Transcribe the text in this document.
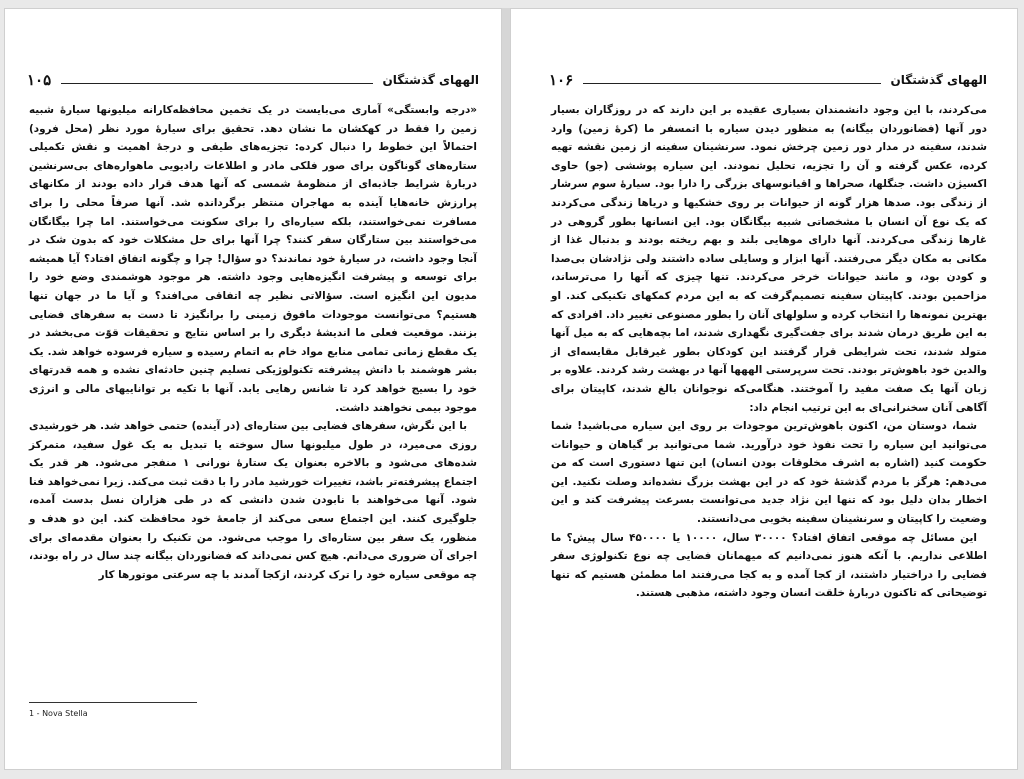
۱۰۵	الههای گذشتگان

«درجه وابستگی» آماری می‌بایست در یک تخمین محافظه‌کارانه میلیونها سیارهٔ شبیه زمین را فقط در کهکشان ما نشان دهد. تحقیق برای سیارهٔ مورد نظر (محل فرود) احتمالاً این خطوط را دنبال کرده: تجزیه‌های طیفی و درجهٔ اهمیت و نقش تکمیلی ستاره‌های گوناگون برای صور فلکی مادر و اطلاعات رادیویی ماهواره‌های بی‌سرنشین دربارهٔ شرایط جاذبه‌ای از منظومهٔ شمسی که آنها هدف قرار داده بودند از مکانهای پرارزش خانه‌هایا آینده به مهاجران منتظر برگردانده شد. آنها صرفاً محلی را برای مسافرت نمی‌خواستند، بلکه سیاره‌ای را برای سکونت می‌خواستند. اما چرا بیگانگان می‌خواستند بین ستارگان سفر کنند؟ چرا آنها برای حل مشکلات خود که بدون شک در آنجا وجود داشت، در سیارهٔ خود نماندند؟ دو سؤال! چرا و چگونه اتفاق افتاد؟ آیا همیشه برای توسعه و پیشرفت انگیزه‌هایی وجود داشته. هر موجود هوشمندی وضع خود را مدیون این انگیزه است. سؤالاتی نظیر چه اتفاقی می‌افتد؟ و آیا ما در جهان تنها هستیم؟ می‌توانست موجودات مافوق زمینی را برانگیزد تا دست به سفرهای فضایی بزنند. موقعیت فعلی ما اندیشهٔ دیگری را بر اساس نتایج و تحقیقات قوّت می‌بخشد در یک مقطع زمانی تمامی منابع مواد خام به اتمام رسیده و سیاره فرسوده خواهد شد. یک بشر هوشمند با دانش پیشرفته تکنولوژیکی تسلیم چنین حادثه‌ای نشده و همه قدرتهای خود را بسیج خواهد کرد تا شانس رهایی یابد. آنها با تکیه بر تواناییهای مالی و انرژی موجود بیمی نخواهند داشت.

با این نگرش، سفرهای فضایی بین ستاره‌ای (در آینده) حتمی خواهد شد. هر خورشیدی روزی می‌میرد، در طول میلیونها سال سوخته یا تبدیل به یک غول سفید، متمرکز شده‌های می‌شود و بالاخره بعنوان یک ستارهٔ نورانی ۱ منفجر می‌شود. هر قدر یک اجتماع پیشرفته‌تر باشد، تغییرات خورشید مادر را با دقت ثبت می‌کند. زیرا نمی‌خواهد فنا شود. آنها می‌خواهند با نابودن شدن دانشی که در طی هزاران نسل بدست آمده، جلوگیری کنند. این اجتماع سعی می‌کند از جامعهٔ خود محافظت کند. این دو هدف و منظور، یک سفر بین ستاره‌ای را موجب می‌شود. من تکنیک را بعنوان مقدمه‌ای برای اجرای آن ضروری می‌دانم. هیچ کس نمی‌داند که فضانوردان بیگانه چند سال در راه بودند، چه موقعی سیاره خود را ترک کردند، ازکجا آمدند با چه سرعتی موتورها کار

1 - Nova Stella
۱۰۶	الههای گذشتگان

می‌کردند، با این وجود دانشمندان بسیاری عقیده بر این دارند که در روزگاران بسیار دور آنها (فضانوردان بیگانه) به منظور دیدن سیاره با اتمسفر ما (کرهٔ زمین) وارد شدند، سفینه در مدار دور زمین چرخش نمود. سرنشینان سفینه از زمین نقشه تهیه کرده، عکس گرفته و آن را تجزیه، تحلیل نمودند. این سیاره پوششی (جو) حاوی اکسیژن داشت. جنگلها، صحراها و اقیانوسهای بزرگی را دارا بود. سیارهٔ سوم سرشار از زندگی بود. صدها هزار گونه از حیوانات بر روی خشکیها و دریاها زندگی می‌کردند که یک نوع آن انسان با مشخصاتی شبیه بیگانگان بود. این انسانها بطور گروهی در غارها زندگی می‌کردند. آنها دارای موهایی بلند و بهم ریخته بودند و بدنبال غذا از مکانی به مکان دیگر می‌رفتند. آنها ابزار و وسایلی ساده داشتند ولی نژادشان بی‌صدا و کودن بود، و مانند حیوانات خرخر می‌کردند. تنها چیزی که آنها را می‌ترساند، مزاحمین بودند. کاپیتان سفینه تصمیم‌گرفت که به این مردم کمکهای تکنیکی کند. او بهترین نمونه‌ها را انتخاب کرده و سلولهای آنان را بطور مصنوعی تغییر داد. افرادی که به این طریق درمان شدند برای جفت‌گیری نگهداری شدند، اما بچه‌هایی که به میل آنها متولد شدند، تحت شرایطی قرار گرفتند این کودکان بطور غیرقابل مقایسه‌ای از والدین خود باهوش‌تر بودند. تحت سرپرستی الههها آنها در بهشت رشد کردند. علاوه بر زبان آنها یک صفت مفید را آموختند. هنگامی‌که نوجوانان بالغ شدند، کاپیتان برای آگاهی آنان سخنرانی‌ای به این ترتیب انجام داد:

شما، دوستان من، اکنون باهوش‌ترین موجودات بر روی این سیاره می‌باشید! شما می‌توانید این سیاره را تحت نفوذ خود درآورید. شما می‌توانید بر گیاهان و حیوانات حکومت کنید (اشاره به اشرف مخلوقات بودن انسان) این تنها دستوری است که من می‌دهم: هرگز با مردم گذشتهٔ خود که در این بهشت بزرگ نشده‌اند وصلت نکنید. این اخطار بدان دلیل بود که تنها این نژاد جدید می‌توانست بسرعت پیشرفت کند و این وضعیت را کاپیتان و سرنشینان سفینه بخوبی می‌دانستند.

این مسائل چه موقعی اتفاق افتاد؟ ۳۰۰۰۰ سال، ۱۰۰۰۰ یا ۴۵۰۰۰۰ سال پیش؟ ما اطلاعی نداریم. با آنکه هنوز نمی‌دانیم که میهمانان فضایی چه نوع تکنولوژی سفر فضایی را دراختیار داشتند، از کجا آمده و به کجا می‌رفتند اما مطمئن هستیم که تنها توضیحاتی که تاکنون دربارهٔ خلقت انسان وجود داشته، مذهبی هستند.
